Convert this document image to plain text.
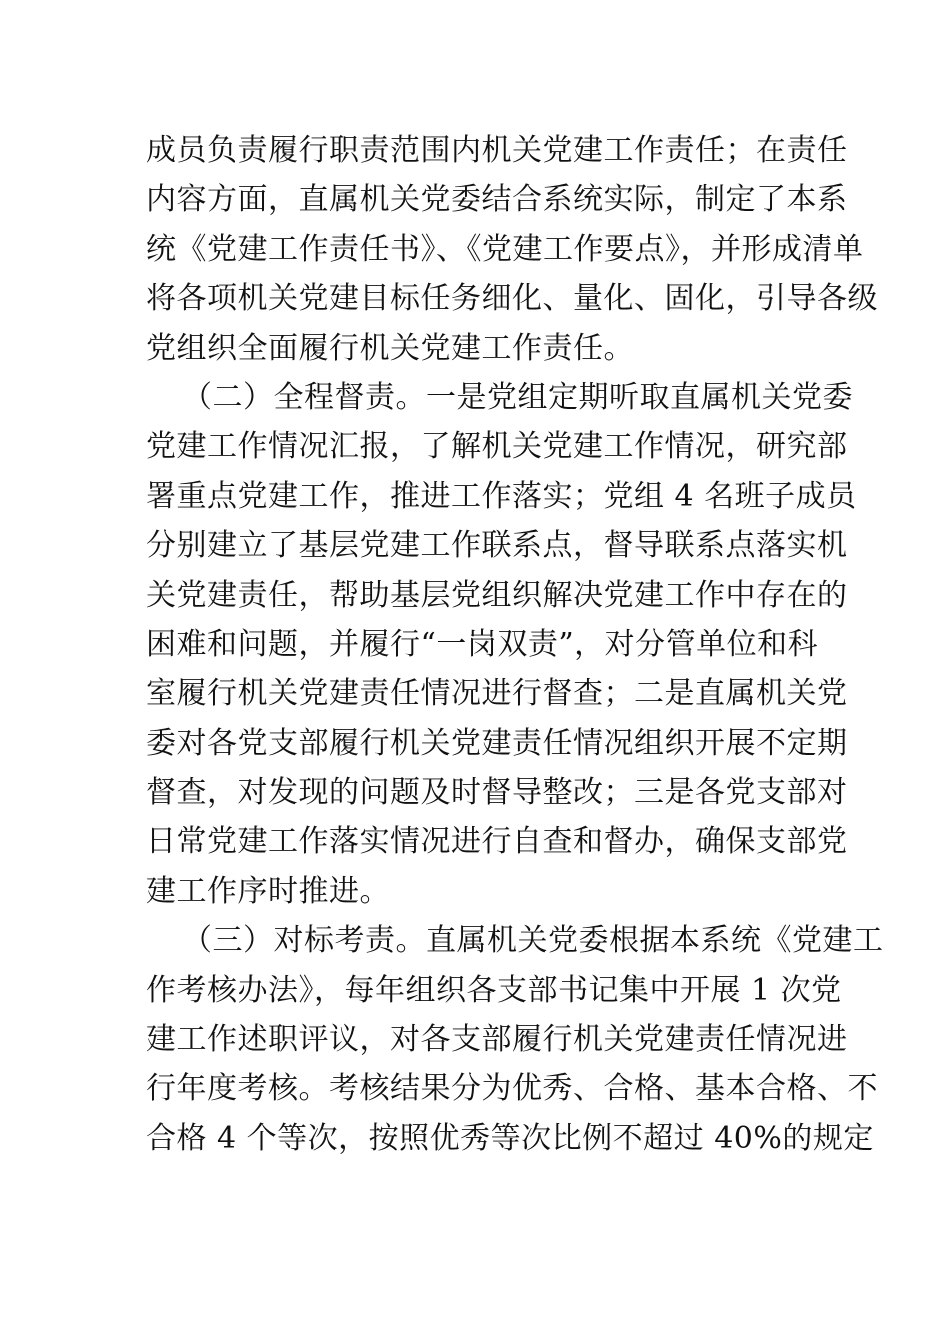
成员负责履行职责范围内机关党建工作责任；在责任
内容方面，直属机关党委结合系统实际，制定了本系
统《党建工作责任书》、《党建工作要点》，并形成清单
将各项机关党建目标任务细化、量化、固化，引导各级
党组织全面履行机关党建工作责任。
（二）全程督责。一是党组定期听取直属机关党委
党建工作情况汇报，了解机关党建工作情况，研究部
署重点党建工作，推进工作落实；党组 4 名班子成员
分别建立了基层党建工作联系点，督导联系点落实机
关党建责任，帮助基层党组织解决党建工作中存在的
困难和问题，并履行“一岗双责”，对分管单位和科
室履行机关党建责任情况进行督查；二是直属机关党
委对各党支部履行机关党建责任情况组织开展不定期
督查，对发现的问题及时督导整改；三是各党支部对
日常党建工作落实情况进行自查和督办，确保支部党
建工作序时推进。
（三）对标考责。直属机关党委根据本系统《党建工
作考核办法》，每年组织各支部书记集中开展 1 次党
建工作述职评议，对各支部履行机关党建责任情况进
行年度考核。考核结果分为优秀、合格、基本合格、不
合格 4 个等次，按照优秀等次比例不超过 40%的规定
